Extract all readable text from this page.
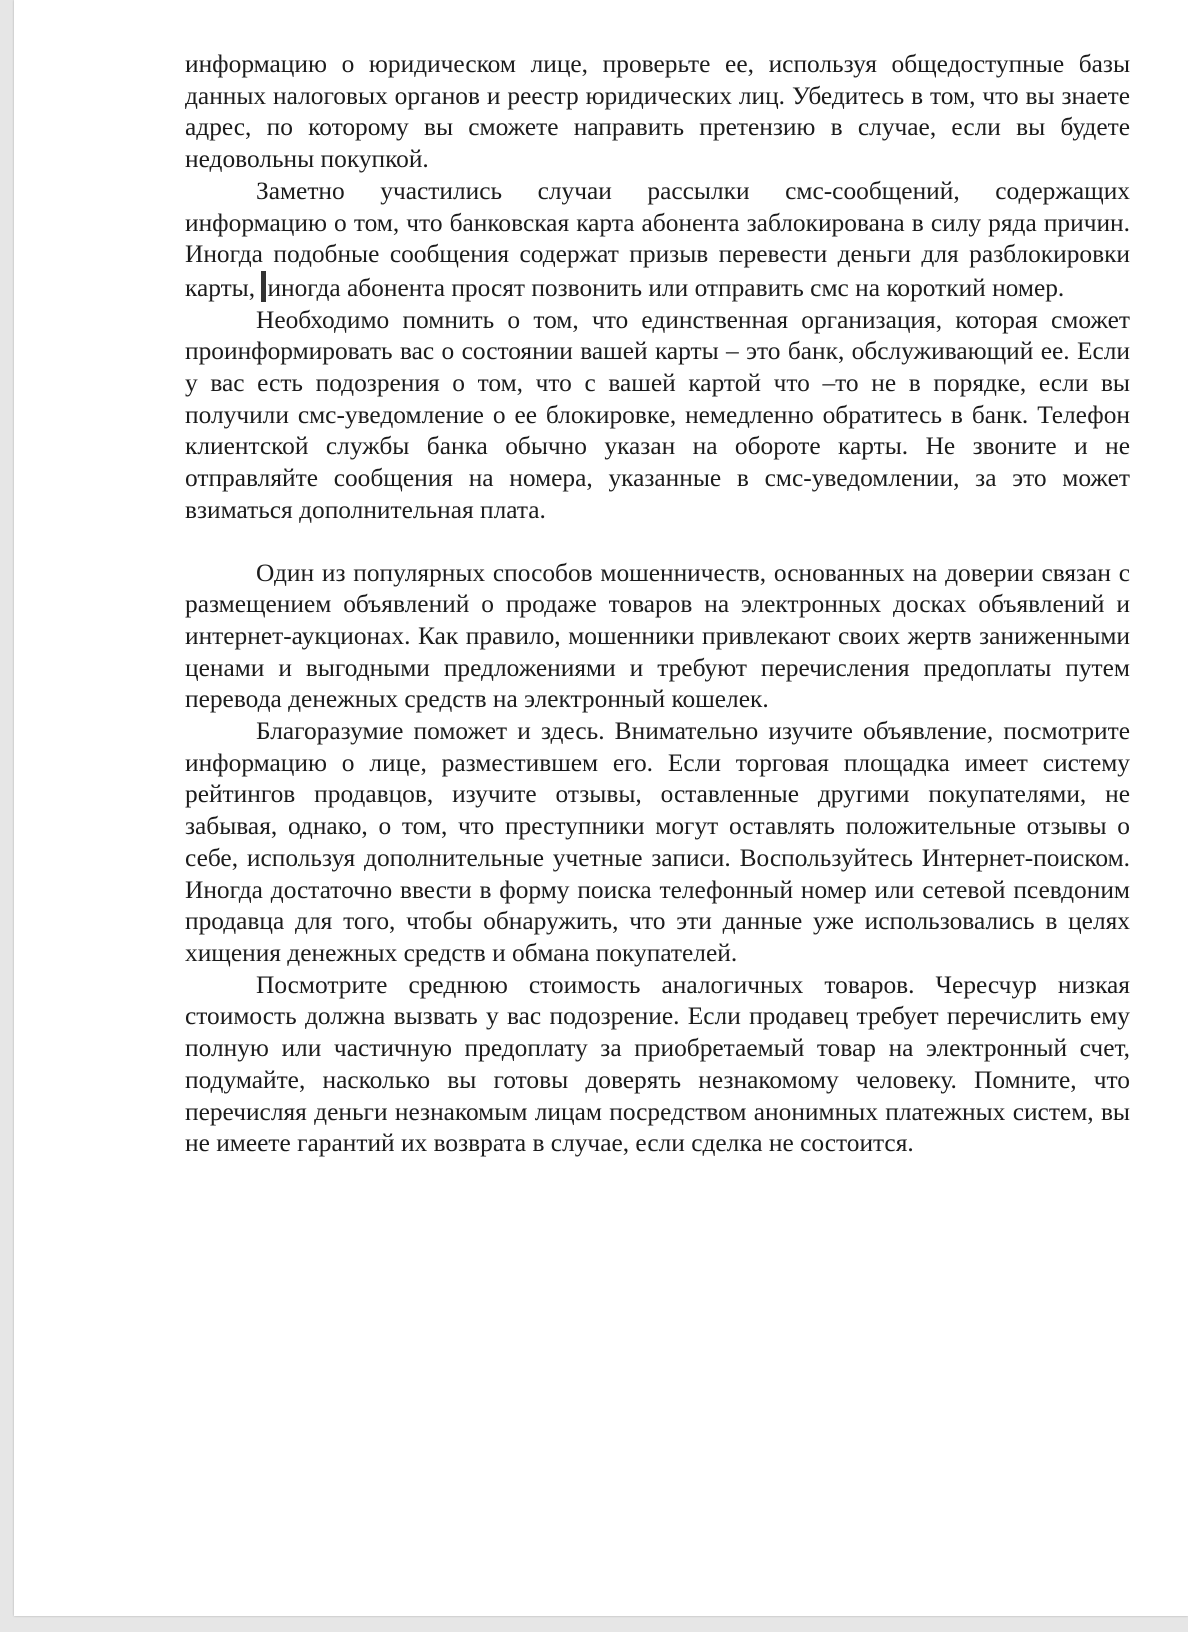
информацию о юридическом лице, проверьте ее, используя общедоступные базы данных налоговых органов и реестр юридических лиц. Убедитесь в том, что вы знаете адрес, по которому вы сможете направить претензию в случае, если вы будете недовольны покупкой.

Заметно участились случаи рассылки смс-сообщений, содержащих информацию о том, что банковская карта абонента заблокирована в силу ряда причин. Иногда подобные сообщения содержат призыв перевести деньги для разблокировки карты, иногда абонента просят позвонить или отправить смс на короткий номер.

Необходимо помнить о том, что единственная организация, которая сможет проинформировать вас о состоянии вашей карты – это банк, обслуживающий ее. Если у вас есть подозрения о том, что с вашей картой что –то не в порядке, если вы получили смс-уведомление о ее блокировке, немедленно обратитесь в банк. Телефон клиентской службы банка обычно указан на обороте карты. Не звоните и не отправляйте сообщения на номера, указанные в смс-уведомлении, за это может взиматься дополнительная плата.

Один из популярных способов мошенничеств, основанных на доверии связан с размещением объявлений о продаже товаров на электронных досках объявлений и интернет-аукционах. Как правило, мошенники привлекают своих жертв заниженными ценами и выгодными предложениями и требуют перечисления предоплаты путем перевода денежных средств на электронный кошелек.

Благоразумие поможет и здесь. Внимательно изучите объявление, посмотрите информацию о лице, разместившем его. Если торговая площадка имеет систему рейтингов продавцов, изучите отзывы, оставленные другими покупателями, не забывая, однако, о том, что преступники могут оставлять положительные отзывы о себе, используя дополнительные учетные записи. Воспользуйтесь Интернет-поиском. Иногда достаточно ввести в форму поиска телефонный номер или сетевой псевдоним продавца для того, чтобы обнаружить, что эти данные уже использовались в целях хищения денежных средств и обмана покупателей.

Посмотрите среднюю стоимость аналогичных товаров. Чересчур низкая стоимость должна вызвать у вас подозрение. Если продавец требует перечислить ему полную или частичную предоплату за приобретаемый товар на электронный счет, подумайте, насколько вы готовы доверять незнакомому человеку. Помните, что перечисляя деньги незнакомым лицам посредством анонимных платежных систем, вы не имеете гарантий их возврата в случае, если сделка не состоится.
